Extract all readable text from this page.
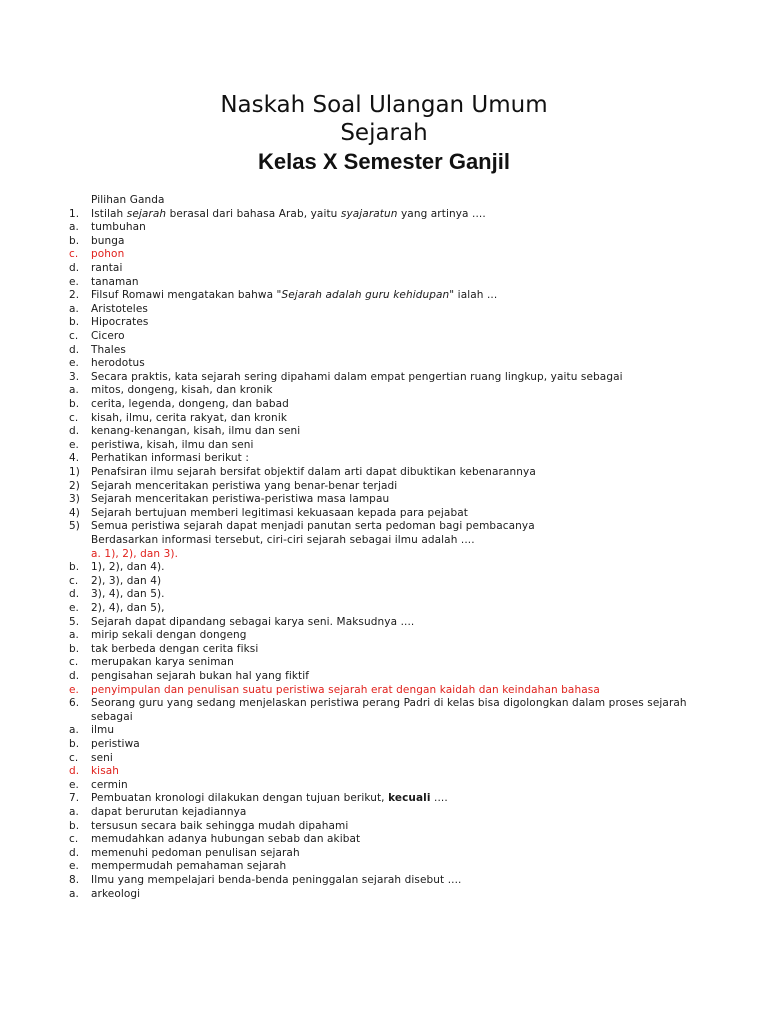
Naskah Soal Ulangan Umum
Sejarah
Kelas X Semester Ganjil
Pilihan Ganda
1. Istilah sejarah berasal dari bahasa Arab, yaitu syajaratun yang artinya ....
a. tumbuhan
b. bunga
c. pohon
d. rantai
e. tanaman
2. Filsuf Romawi mengatakan bahwa "Sejarah adalah guru kehidupan" ialah ...
a. Aristoteles
b. Hipocrates
c. Cicero
d. Thales
e. herodotus
3. Secara praktis, kata sejarah sering dipahami dalam empat pengertian ruang lingkup, yaitu sebagai
a. mitos, dongeng, kisah, dan kronik
b. cerita, legenda, dongeng, dan babad
c. kisah, ilmu, cerita rakyat, dan kronik
d. kenang-kenangan, kisah, ilmu dan seni
e. peristiwa, kisah, ilmu dan seni
4. Perhatikan informasi berikut :
1) Penafsiran ilmu sejarah bersifat objektif dalam arti dapat dibuktikan kebenarannya
2) Sejarah menceritakan peristiwa yang benar-benar terjadi
3) Sejarah menceritakan peristiwa-peristiwa masa lampau
4) Sejarah bertujuan memberi legitimasi kekuasaan kepada para pejabat
5) Semua peristiwa sejarah dapat menjadi panutan serta pedoman bagi pembacanya
Berdasarkan informasi tersebut, ciri-ciri sejarah sebagai ilmu adalah ....
a. 1), 2), dan 3).
b. 1), 2), dan 4).
c. 2), 3), dan 4)
d. 3), 4), dan 5).
e. 2), 4), dan 5),
5. Sejarah dapat dipandang sebagai karya seni. Maksudnya ....
a. mirip sekali dengan dongeng
b. tak berbeda dengan cerita fiksi
c. merupakan karya seniman
d. pengisahan sejarah bukan hal yang fiktif
e. penyimpulan dan penulisan suatu peristiwa sejarah erat dengan kaidah dan keindahan bahasa
6. Seorang guru yang sedang menjelaskan peristiwa perang Padri di kelas bisa digolongkan dalam proses sejarah
sebagai
a. ilmu
b. peristiwa
c. seni
d. kisah
e. cermin
7. Pembuatan kronologi dilakukan dengan tujuan berikut, kecuali ....
a. dapat berurutan kejadiannya
b. tersusun secara baik sehingga mudah dipahami
c. memudahkan adanya hubungan sebab dan akibat
d. memenuhi pedoman penulisan sejarah
e. mempermudah pemahaman sejarah
8. Ilmu yang mempelajari benda-benda peninggalan sejarah disebut ....
a. arkeologi
